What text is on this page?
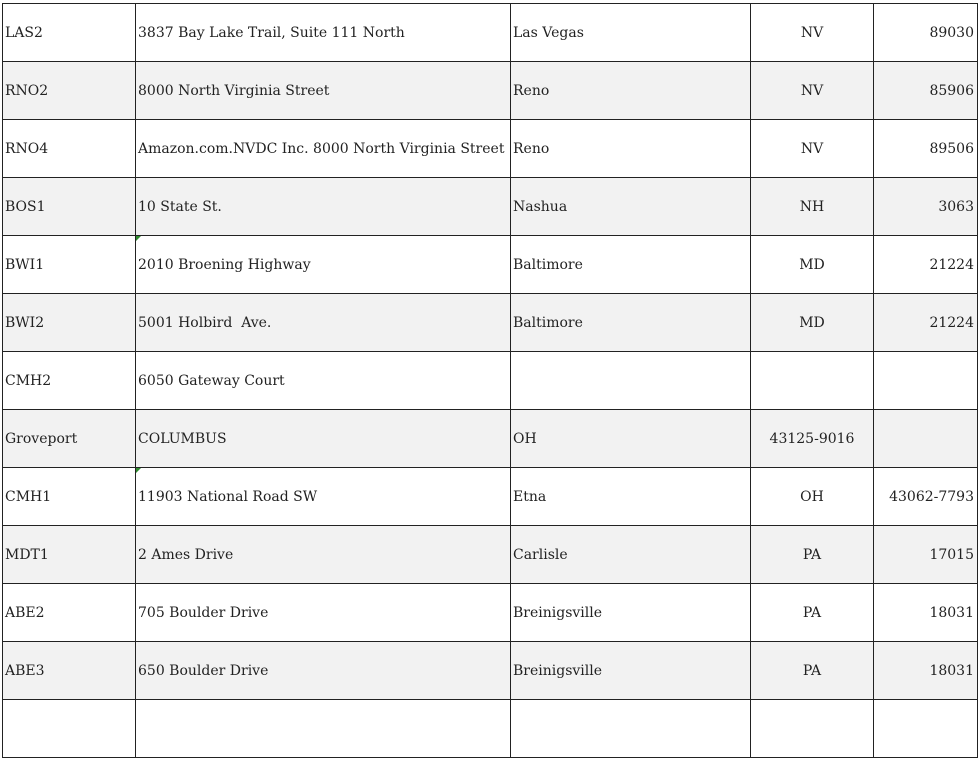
LAS2	3837 Bay Lake Trail, Suite 111 North	Las Vegas	NV	89030
RNO2	8000 North Virginia Street	Reno	NV	85906
RNO4	Amazon.com.NVDC Inc. 8000 North Virginia Street	Reno	NV	89506
BOS1	10 State St.	Nashua	NH	3063
BWI1	2010 Broening Highway	Baltimore	MD	21224
BWI2	5001 Holbird  Ave.	Baltimore	MD	21224
CMH2	6050 Gateway Court			
Groveport	COLUMBUS	OH	43125-9016	
CMH1	11903 National Road SW	Etna	OH	43062-7793
MDT1	2 Ames Drive	Carlisle	PA	17015
ABE2	705 Boulder Drive	Breinigsville	PA	18031
ABE3	650 Boulder Drive	Breinigsville	PA	18031
